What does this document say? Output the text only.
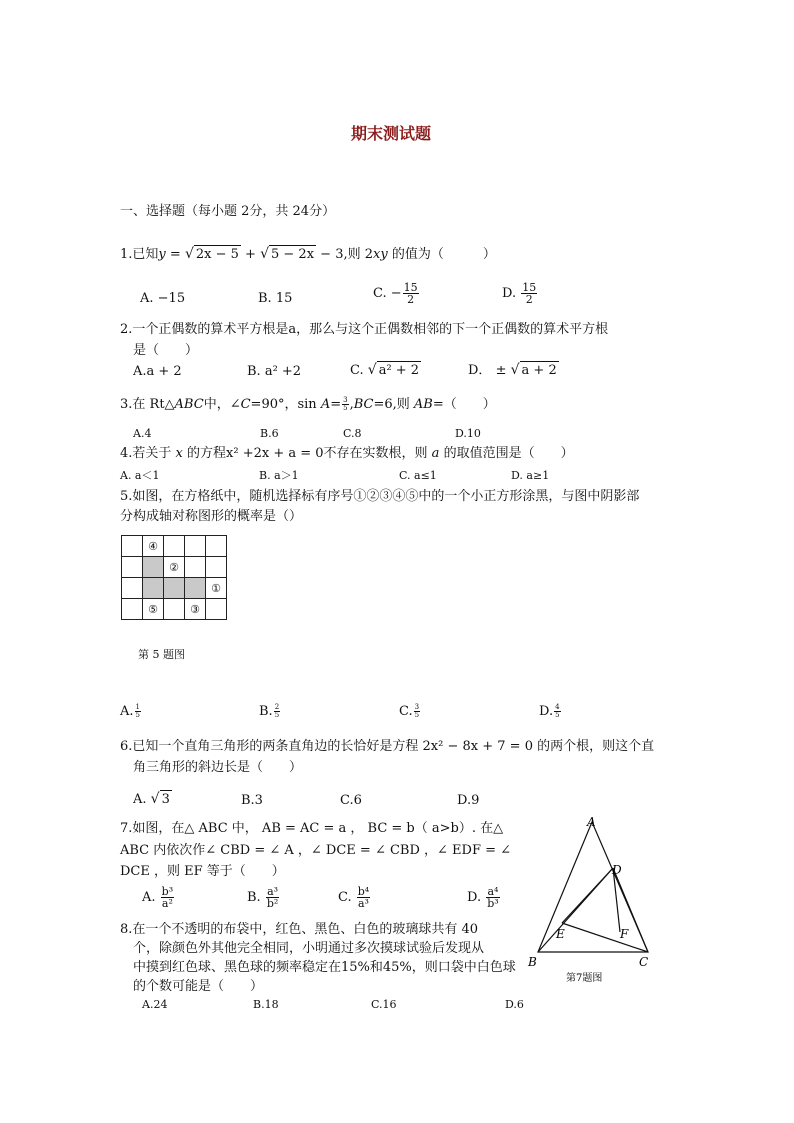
期末测试题
一、选择题（每小题 2分，共 24分）
1.已知y = √ 2x − 5 + √ 5 − 2x − 3,则 2xy 的值为（　　　）
A. −15	B. 15	C. − $\frac{15}{2}$	D. $\frac{15}{2}$
2.一个正偶数的算术平方根是a，那么与这个正偶数相邻的下一个正偶数的算术平方根
是（　　）
A.a + 2	B. a² +2	C. √ a² + 2	D． ± √ a + 2
3.在 Rt△ABC中，∠C=90°，$\sin A= \frac{3}{5} ,BC=6$,则 AB=（　　）
A.4	B.6	C.8	D.10
4.若关于 x 的方程x² +2x + a = 0不存在实数根，则 a 的取值范围是（　　）
A. a＜1	B. a＞1	C. a≤1	D. a≥1
5.如图，在方格纸中，随机选择标有序号①②③④⑤中的一个小正方形涂黑，与图中阴影部
分构成轴对称图形的概率是（）
	④			
		②		
				①
	⑤		③	
第 5 题图
A. $\frac{1}{5}$	B. $\frac{2}{5}$	C. $\frac{3}{5}$	D. $\frac{4}{5}$
6.已知一个直角三角形的两条直角边的长恰好是方程 2x² − 8x + 7 = 0 的两个根，则这个直
角三角形的斜边长是（　　）
A. √ 3	B.3	C.6	D.9
7.如图，在△ ABC 中， AB = AC = a ， BC = b（ a>b）. 在△
ABC 内依次作∠ CBD = ∠ A ，∠ DCE = ∠ CBD ，∠ EDF = ∠
DCE ，则 EF 等于（　　）
A. $\frac{\text{b³}}{\text{a²}}$	B. $\frac{\text{a³}}{\text{b²}}$	C. $\frac{\text{b⁴}}{\text{a³}}$	D. $\frac{\text{a⁴}}{\text{b³}}$
A
B	C
D
E	F
第7题图
8.在一个不透明的布袋中，红色、黑色、白色的玻璃球共有 40
个，除颜色外其他完全相同，小明通过多次摸球试验后发现从
中摸到红色球、黑色球的频率稳定在15%和45%，则口袋中白色球
的个数可能是（　　）
A.24	B.18	C.16	D.6
